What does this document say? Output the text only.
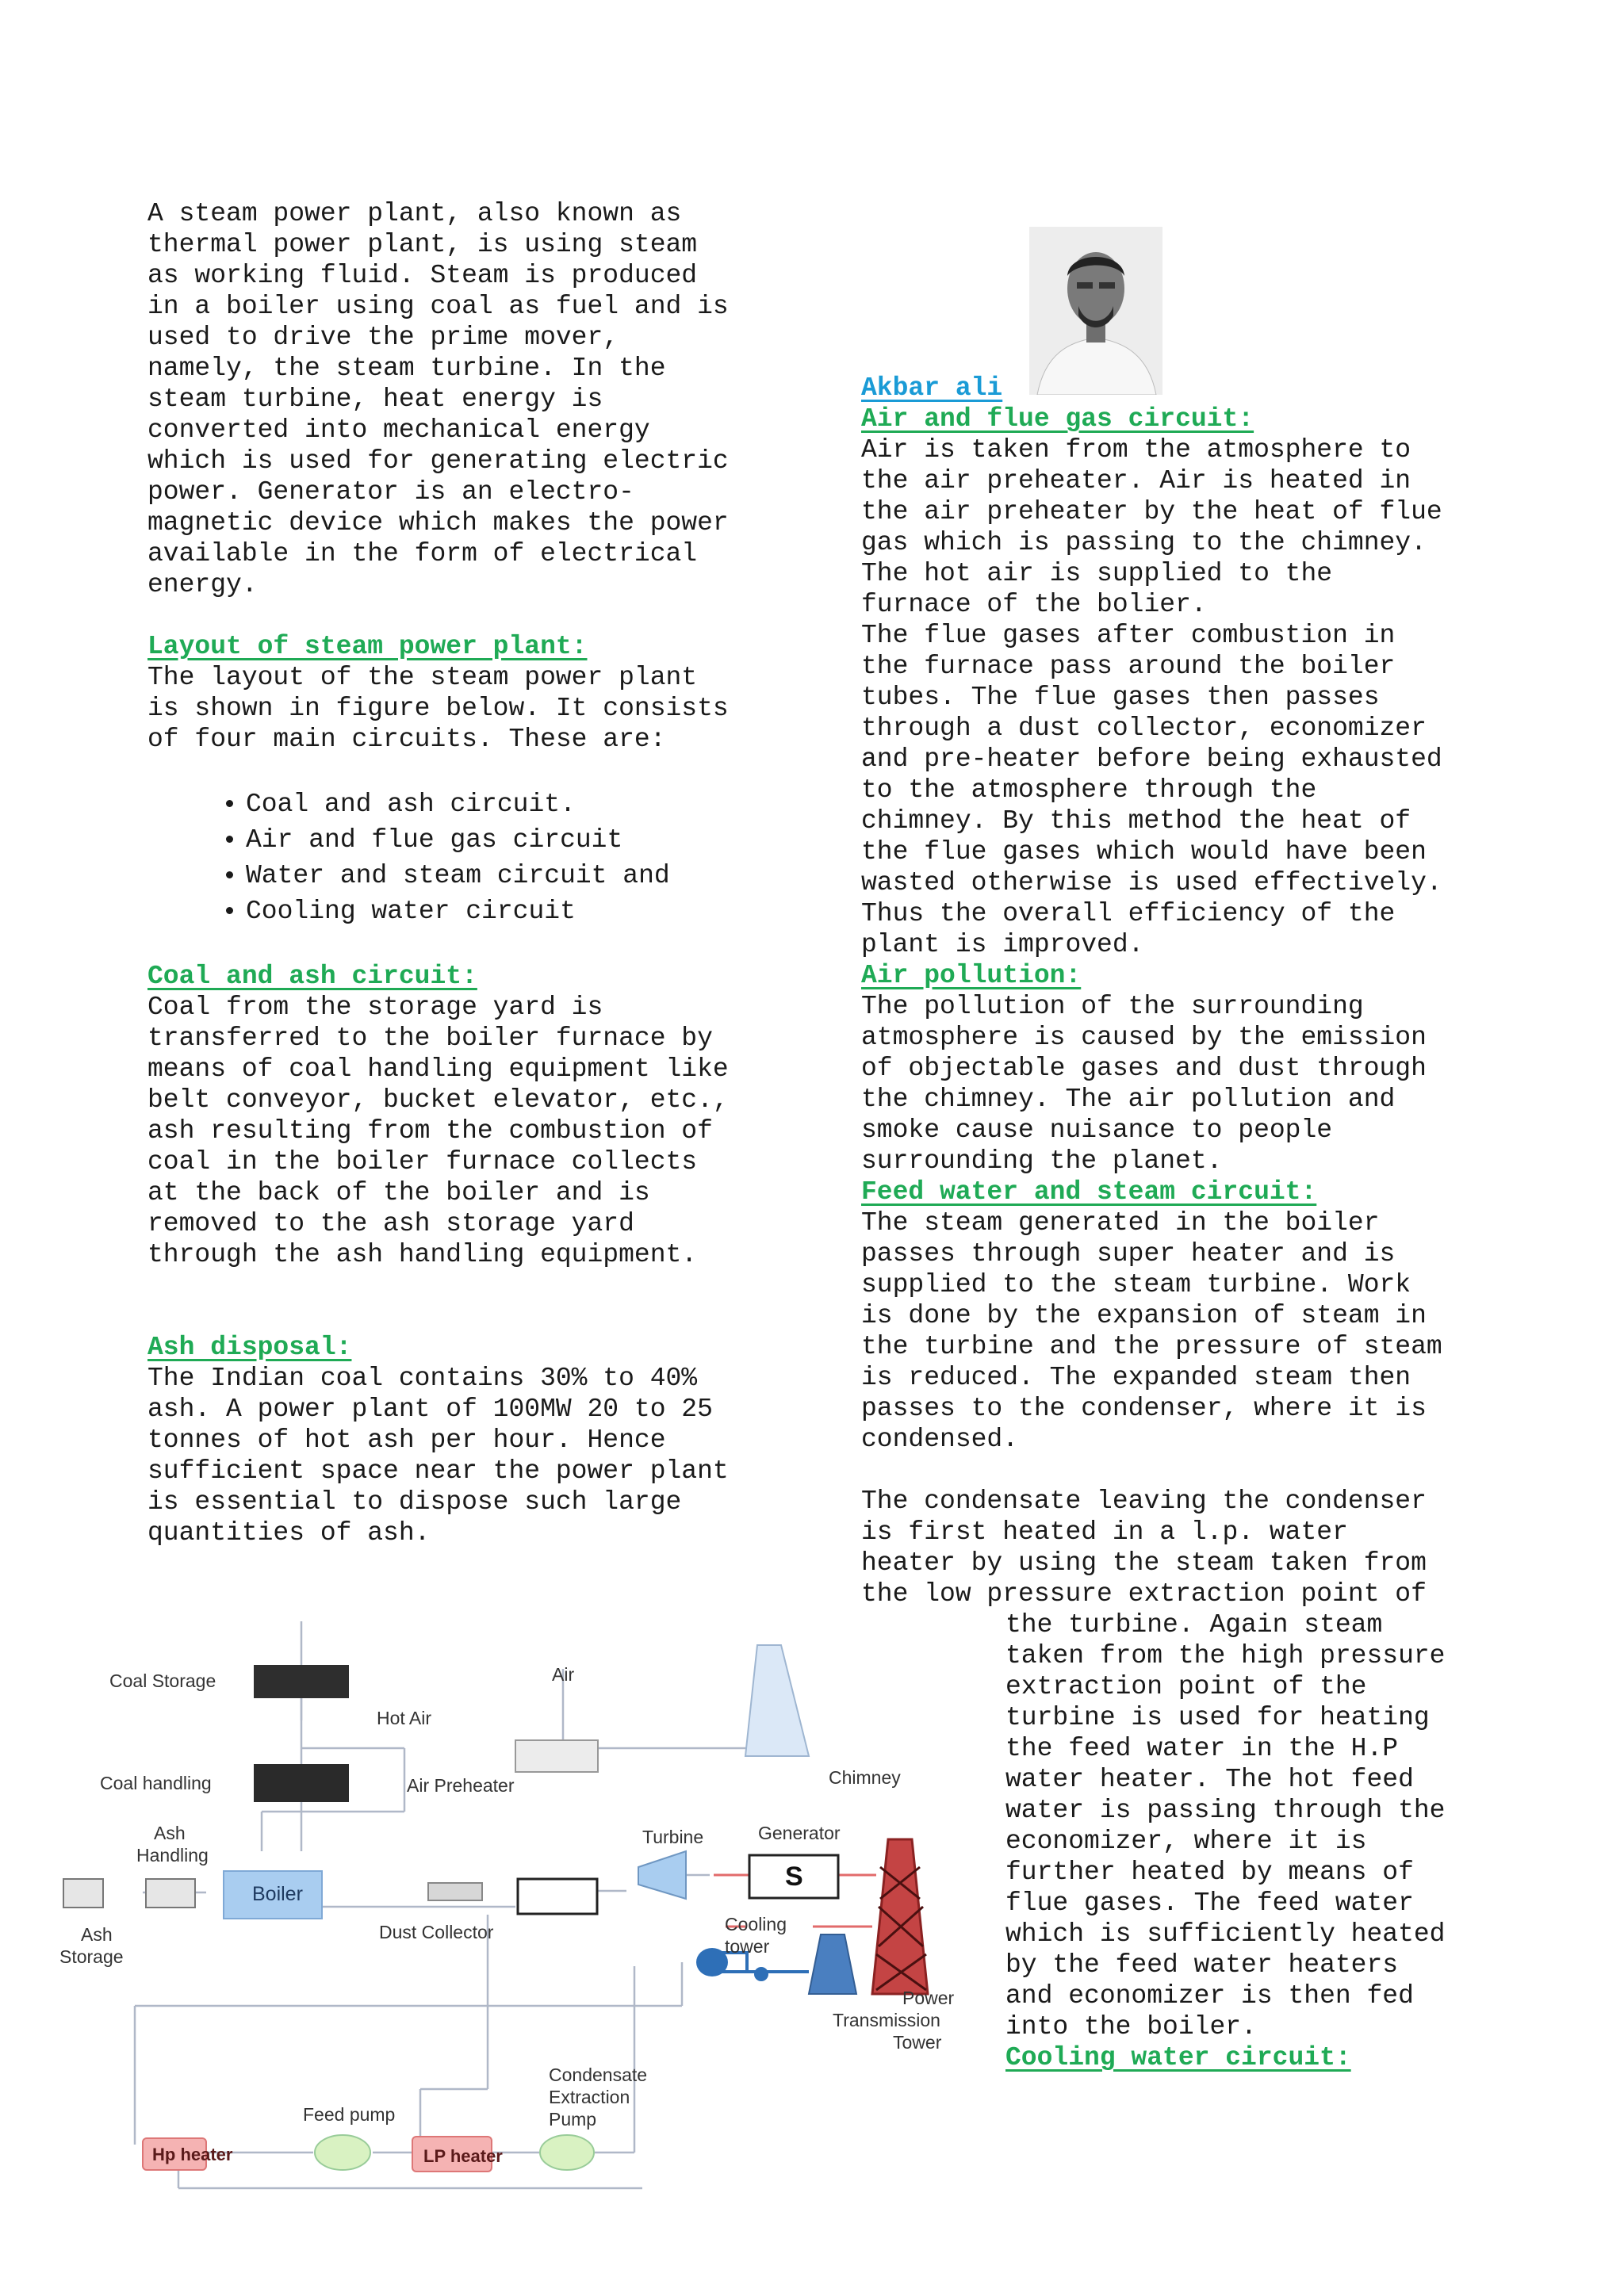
A steam power plant, also known as
thermal power plant, is using steam
as working fluid. Steam is produced
in a boiler using coal as fuel and is
used to drive the prime mover,
namely, the steam turbine. In the
steam turbine, heat energy is
converted into mechanical energy
which is used for generating electric
power. Generator is an electro-
magnetic device which makes the power
available in the form of electrical
energy.

Layout of steam power plant:

The layout of the steam power plant
is shown in figure below. It consists
of four main circuits. These are:

• Coal and ash circuit.
• Air and flue gas circuit
• Water and steam circuit and
• Cooling water circuit

Coal and ash circuit:

Coal from the storage yard is
transferred to the boiler furnace by
means of coal handling equipment like
belt conveyor, bucket elevator, etc.,
ash resulting from the combustion of
coal in the boiler furnace collects
at the back of the boiler and is
removed to the ash storage yard
through the ash handling equipment.

Ash disposal:

The Indian coal contains 30% to 40%
ash. A power plant of 100MW 20 to 25
tonnes of hot ash per hour. Hence
sufficient space near the power plant
is essential to dispose such large
quantities of ash.

Akbar ali

Air and flue gas circuit:

Air is taken from the atmosphere to
the air preheater. Air is heated in
the air preheater by the heat of flue
gas which is passing to the chimney.
The hot air is supplied to the
furnace of the bolier.
The flue gases after combustion in
the furnace pass around the boiler
tubes. The flue gases then passes
through a dust collector, economizer
and pre-heater before being exhausted
to the atmosphere through the
chimney. By this method the heat of
the flue gases which would have been
wasted otherwise is used effectively.
Thus the overall efficiency of the
plant is improved.

Air pollution:

The pollution of the surrounding
atmosphere is caused by the emission
of objectable gases and dust through
the chimney. The air pollution and
smoke cause nuisance to people
surrounding the planet.

Feed water and steam circuit:

The steam generated in the boiler
passes through super heater and is
supplied to the steam turbine. Work
is done by the expansion of steam in
the turbine and the pressure of steam
is reduced. The expanded steam then
passes to the condenser, where it is
condensed.

The condensate leaving the condenser
is first heated in a l.p. water
heater by using the steam taken from
the low pressure extraction point of

the turbine. Again steam
taken from the high pressure
extraction point of the
turbine is used for heating
the feed water in the H.P
water heater. The hot feed
water is passing through the
economizer, where it is
further heated by means of
flue gases. The feed water
which is sufficiently heated
by the feed water heaters
and economizer is then fed
into the boiler.

Cooling water circuit:

S
Coal Storage
Coal handling
Ash
Handling
Ash
Storage
Boiler
Hot Air
Air
Air Preheater	Chimney
Turbine	Generator
Dust Collector	Cooling
tower
Power
Transmission
Tower
Condensate
Extraction
Pump
Feed pump
Hp heater	LP heater
